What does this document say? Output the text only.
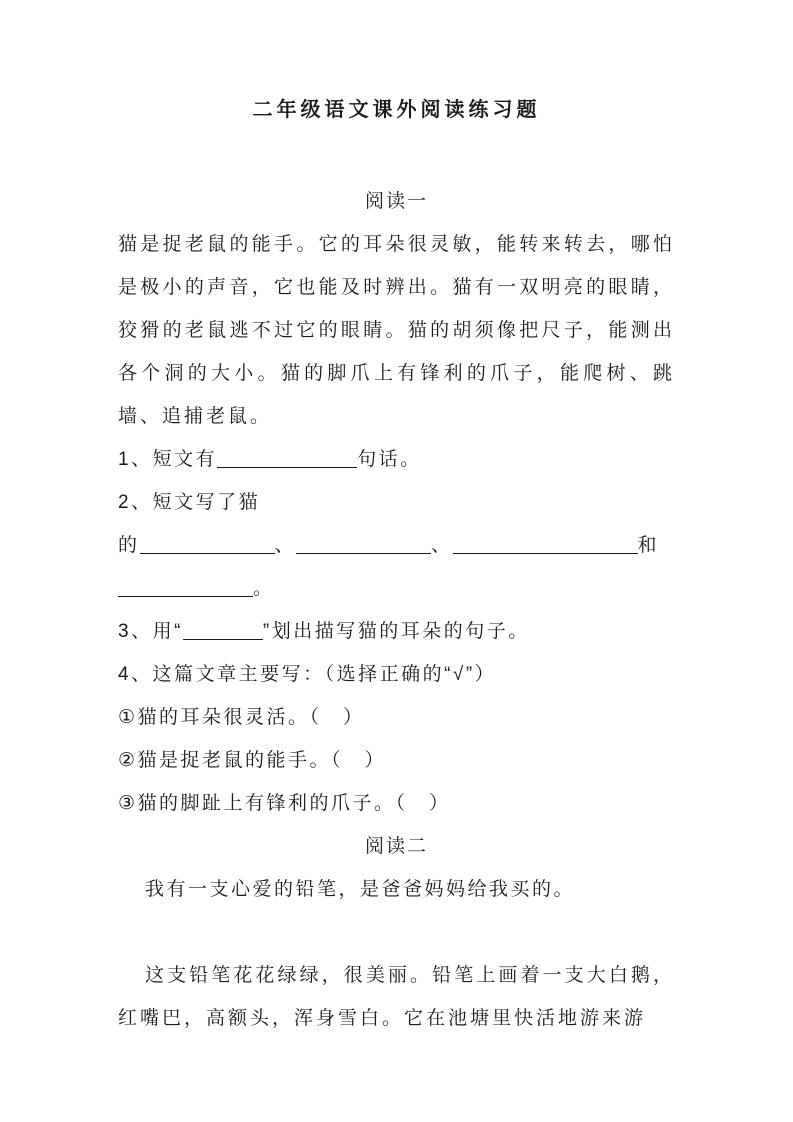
二年级语文课外阅读练习题
阅读一

猫是捉老鼠的能手。它的耳朵很灵敏，能转来转去，哪怕是极小的声音，它也能及时辨出。猫有一双明亮的眼睛，狡猾的老鼠逃不过它的眼睛。猫的胡须像把尺子，能测出各个洞的大小。猫的脚爪上有锋利的爪子，能爬树、跳墙、追捕老鼠。

1、短文有	句话。

2、短文写了猫

的	、	、	和

。

3、用“	”划出描写猫的耳朵的句子。

4、这篇文章主要写：（选择正确的“√”）

①猫的耳朵很灵活。（　）

②猫是捉老鼠的能手。（　）

③猫的脚趾上有锋利的爪子。（　）

阅读二

我有一支心爱的铅笔，是爸爸妈妈给我买的。

这支铅笔花花绿绿，很美丽。铅笔上画着一支大白鹅，红嘴巴，高额头，浑身雪白。它在池塘里快活地游来游
